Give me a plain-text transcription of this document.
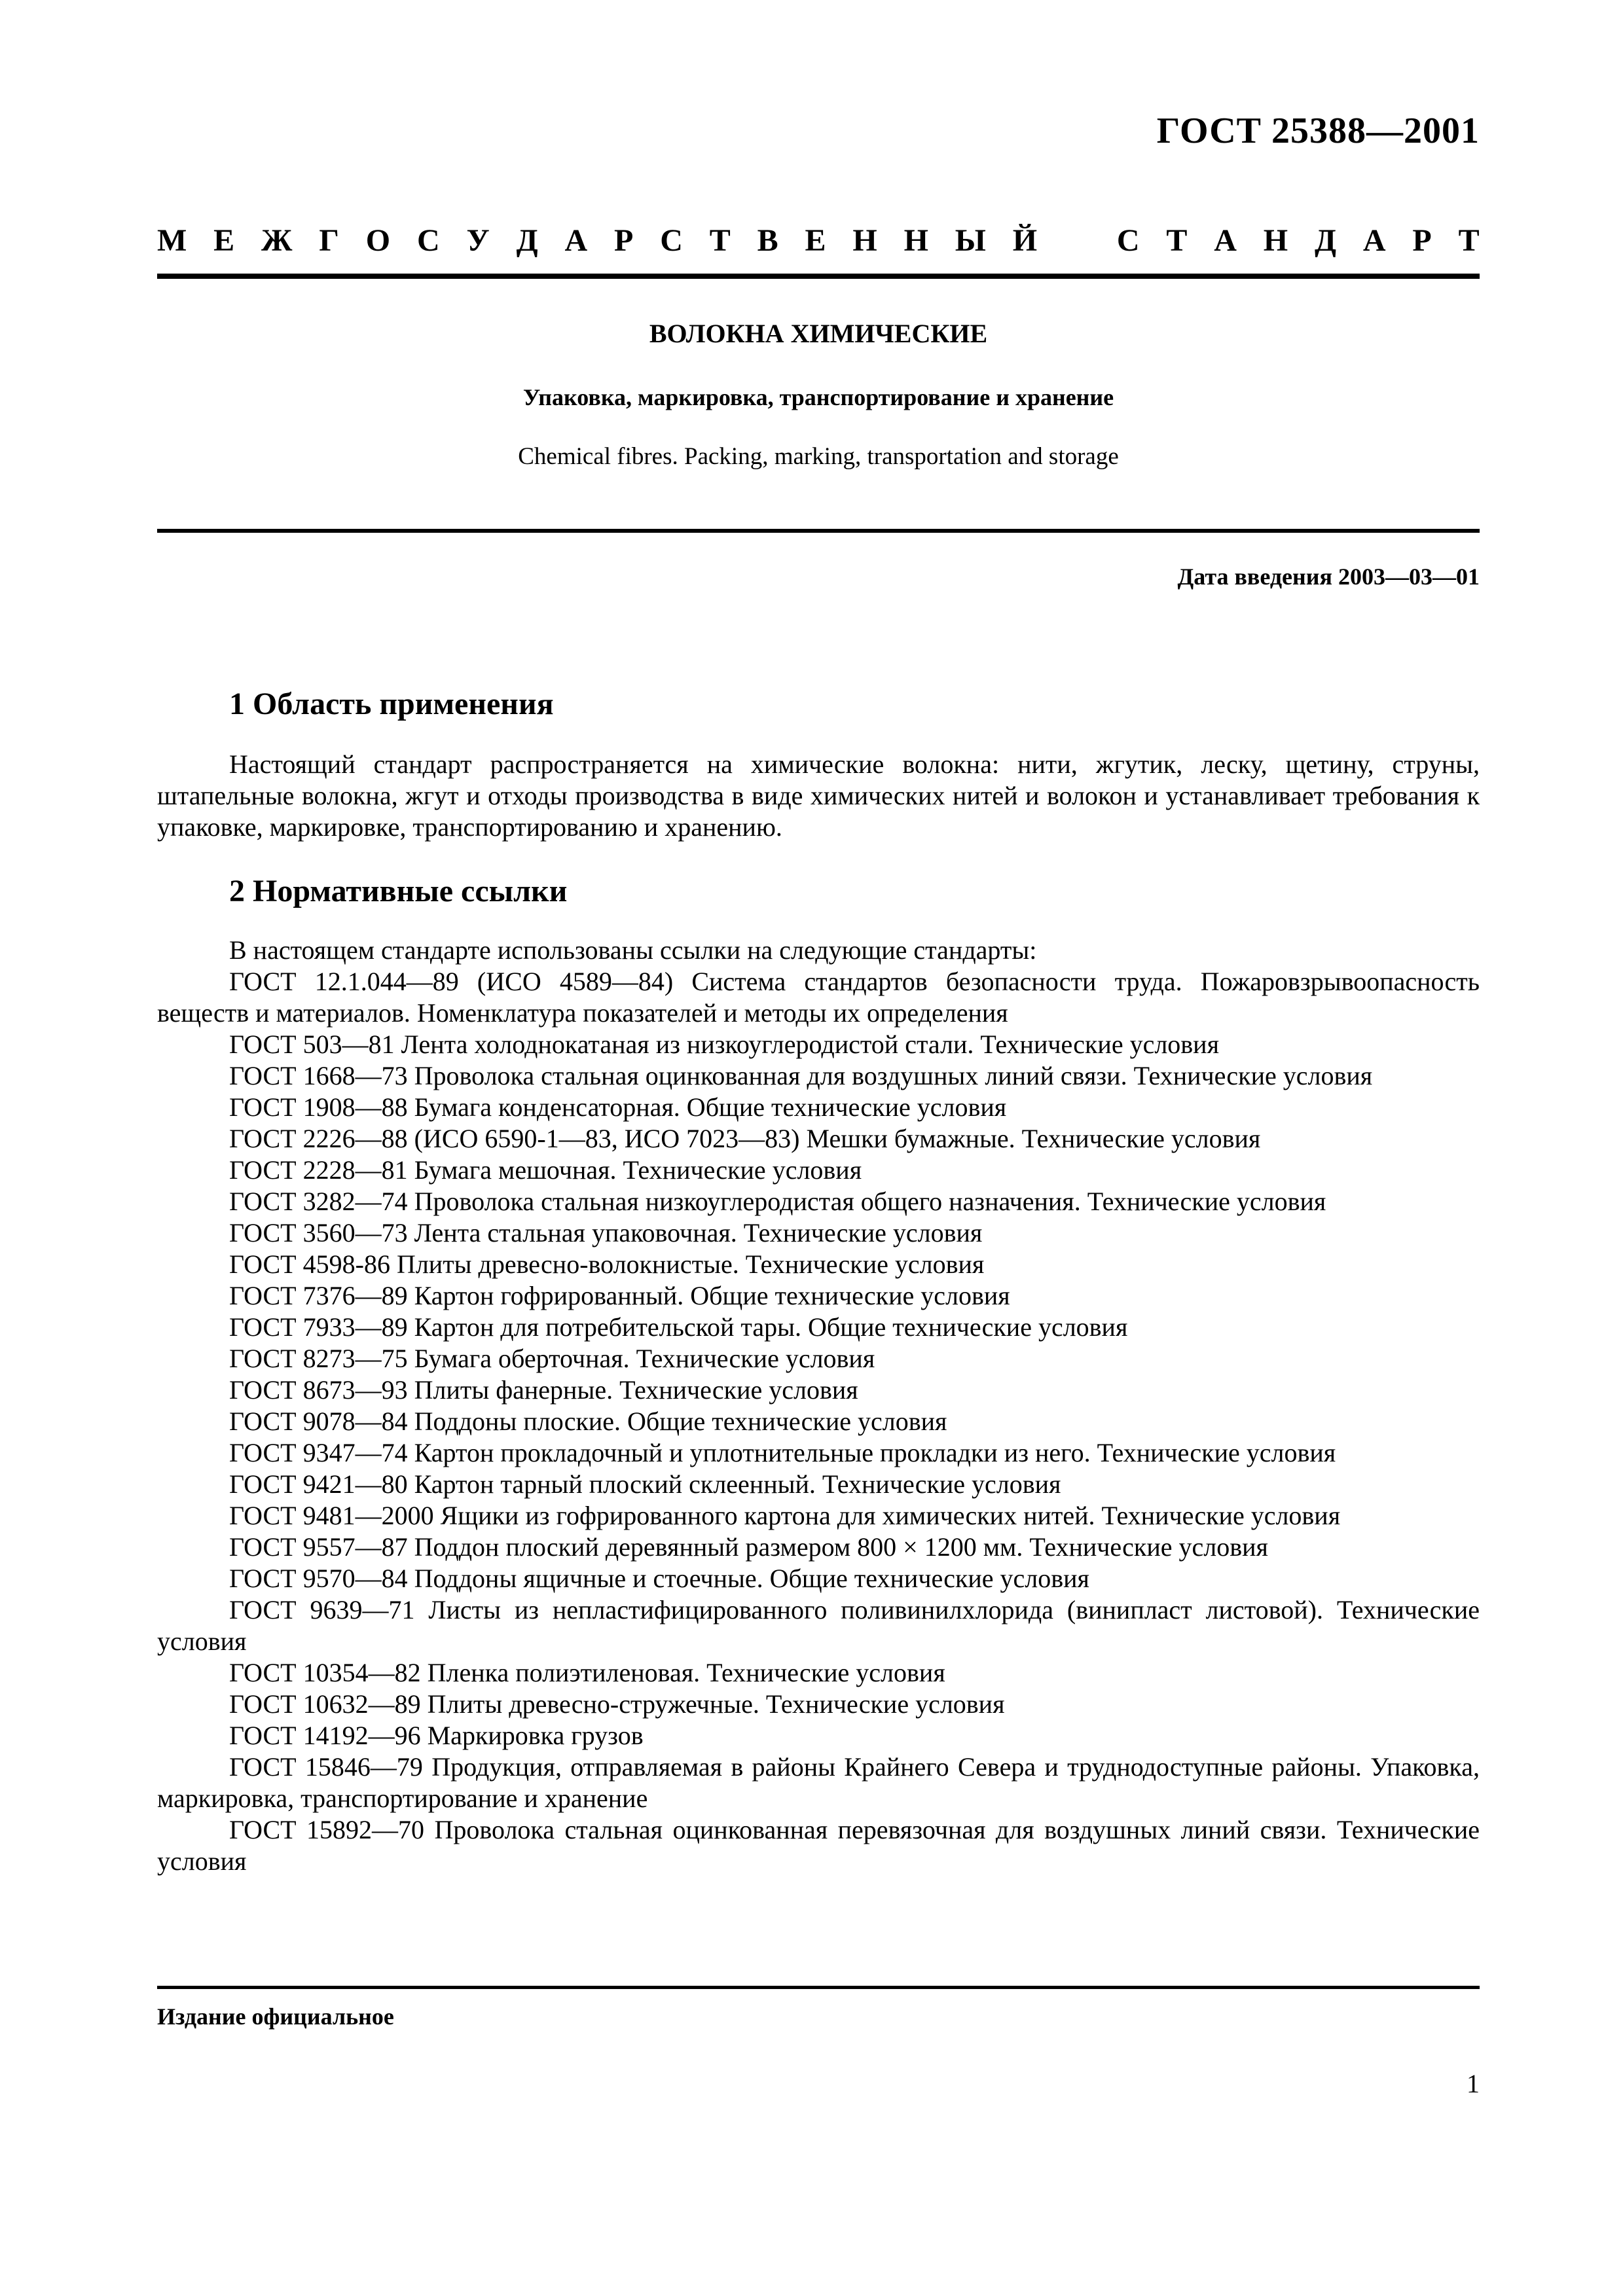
ГОСТ 25388—2001
М Е Ж Г О С У Д А Р С Т В Е Н Н Ы Й
	С Т А Н Д А Р Т
ВОЛОКНА ХИМИЧЕСКИЕ
Упаковка, маркировка, транспортирование и хранение
Chemical fibres. Packing, marking, transportation and storage
Дата введения 2003—03—01
1 Область применения

Настоящий стандарт распространяется на химические волокна: нити, жгутик, леску, щетину, струны, штапельные волокна, жгут и отходы производства в виде химических нитей и волокон и устанавливает требования к упаковке, маркировке, транспортированию и хранению.

2 Нормативные ссылки

В настоящем стандарте использованы ссылки на следующие стандарты:

ГОСТ 12.1.044—89 (ИСО 4589—84) Система стандартов безопасности труда. Пожаровзрывоопасность веществ и материалов. Номенклатура показателей и методы их определения

ГОСТ 503—81 Лента холоднокатаная из низкоуглеродистой стали. Технические условия

ГОСТ 1668—73 Проволока стальная оцинкованная для воздушных линий связи. Технические условия

ГОСТ 1908—88 Бумага конденсаторная. Общие технические условия

ГОСТ 2226—88 (ИСО 6590-1—83, ИСО 7023—83) Мешки бумажные. Технические условия

ГОСТ 2228—81 Бумага мешочная. Технические условия

ГОСТ 3282—74 Проволока стальная низкоуглеродистая общего назначения. Технические условия

ГОСТ 3560—73 Лента стальная упаковочная. Технические условия

ГОСТ 4598-86 Плиты древесно-волокнистые. Технические условия

ГОСТ 7376—89 Картон гофрированный. Общие технические условия

ГОСТ 7933—89 Картон для потребительской тары. Общие технические условия

ГОСТ 8273—75 Бумага оберточная. Технические условия

ГОСТ 8673—93 Плиты фанерные. Технические условия

ГОСТ 9078—84 Поддоны плоские. Общие технические условия

ГОСТ 9347—74 Картон прокладочный и уплотнительные прокладки из него. Технические условия

ГОСТ 9421—80 Картон тарный плоский склеенный. Технические условия

ГОСТ 9481—2000 Ящики из гофрированного картона для химических нитей. Технические условия

ГОСТ 9557—87 Поддон плоский деревянный размером 800 × 1200 мм. Технические условия

ГОСТ 9570—84 Поддоны ящичные и стоечные. Общие технические условия

ГОСТ 9639—71 Листы из непластифицированного поливинилхлорида (винипласт листовой). Технические условия

ГОСТ 10354—82 Пленка полиэтиленовая. Технические условия

ГОСТ 10632—89 Плиты древесно-стружечные. Технические условия

ГОСТ 14192—96 Маркировка грузов

ГОСТ 15846—79 Продукция, отправляемая в районы Крайнего Севера и труднодоступные районы. Упаковка, маркировка, транспортирование и хранение

ГОСТ 15892—70 Проволока стальная оцинкованная перевязочная для воздушных линий связи. Технические условия

Издание официальное
1
